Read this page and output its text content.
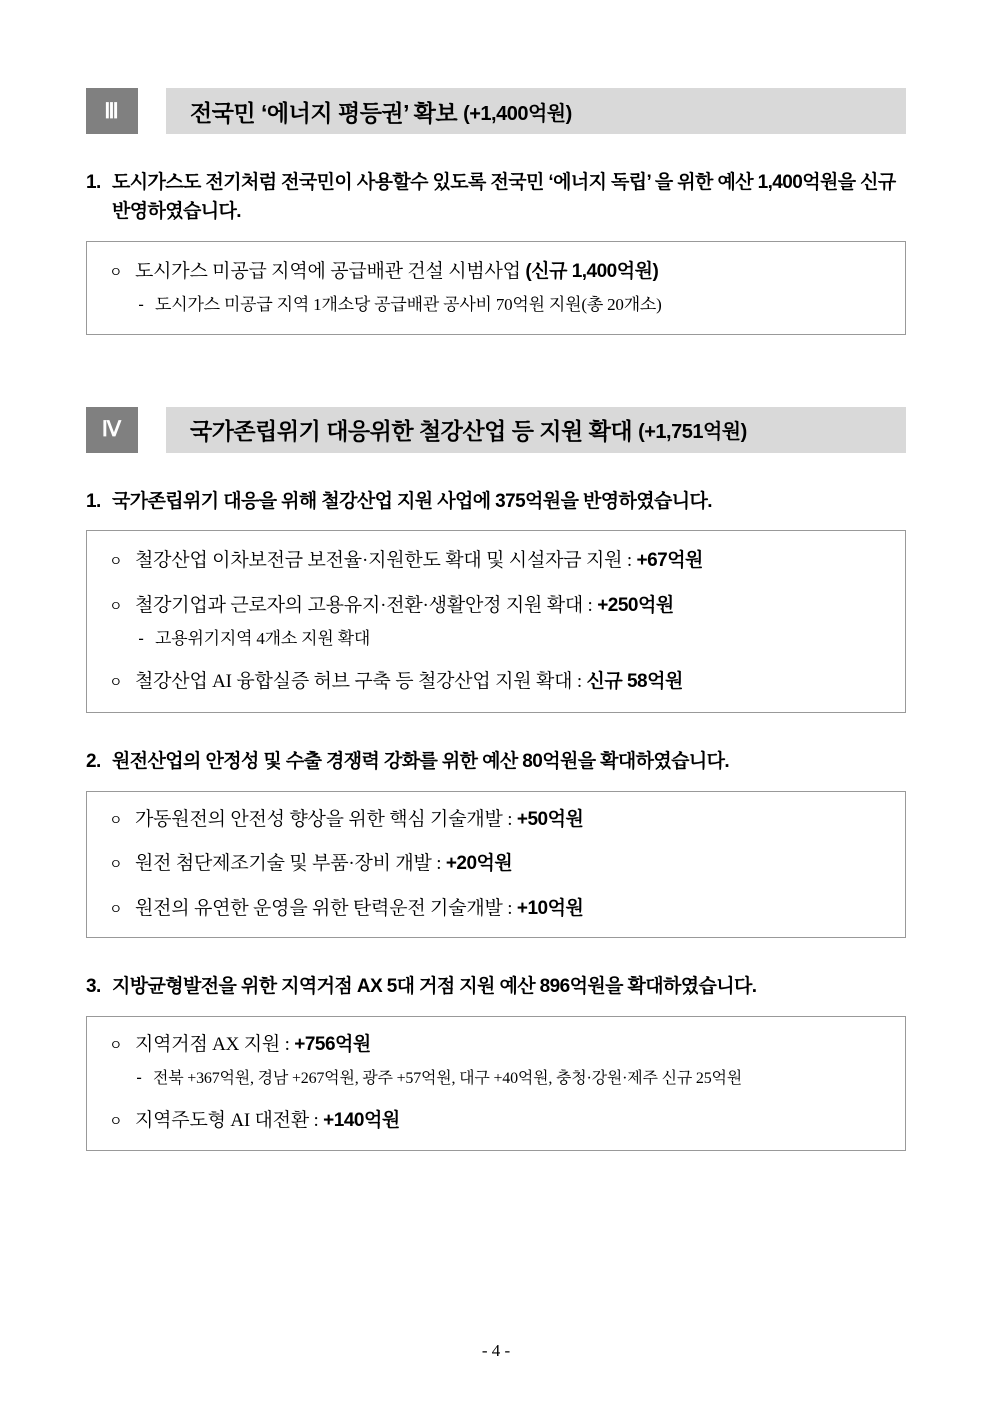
Ⅲ	전국민 ‘에너지 평등권’ 확보 (+1,400억원)
1. 도시가스도 전기처럼 전국민이 사용할수 있도록 전국민 ‘에너지 독립’ 을 위한 예산 1,400억원을 신규 반영하였습니다.
ㅇ 도시가스 미공급 지역에 공급배관 건설 시범사업 (신규 1,400억원)
- 도시가스 미공급 지역 1개소당 공급배관 공사비 70억원 지원(총 20개소)
Ⅳ	국가존립위기 대응위한 철강산업 등 지원 확대 (+1,751억원)
1. 국가존립위기 대응을 위해 철강산업 지원 사업에 375억원을 반영하였습니다.
ㅇ 철강산업 이차보전금 보전율·지원한도 확대 및 시설자금 지원 : +67억원
ㅇ 철강기업과 근로자의 고용유지·전환·생활안정 지원 확대 : +250억원
- 고용위기지역 4개소 지원 확대
ㅇ 철강산업 AI 융합실증 허브 구축 등 철강산업 지원 확대 : 신규 58억원
2. 원전산업의 안정성 및 수출 경쟁력 강화를 위한 예산 80억원을 확대하였습니다.
ㅇ 가동원전의 안전성 향상을 위한 핵심 기술개발 : +50억원
ㅇ 원전 첨단제조기술 및 부품·장비 개발 : +20억원
ㅇ 원전의 유연한 운영을 위한 탄력운전 기술개발 : +10억원
3. 지방균형발전을 위한 지역거점 AX 5대 거점 지원 예산 896억원을 확대하였습니다.
ㅇ 지역거점 AX 지원 : +756억원
- 전북 +367억원, 경남 +267억원, 광주 +57억원, 대구 +40억원, 충청·강원·제주 신규 25억원
ㅇ 지역주도형 AI 대전환 : +140억원
- 4 -
